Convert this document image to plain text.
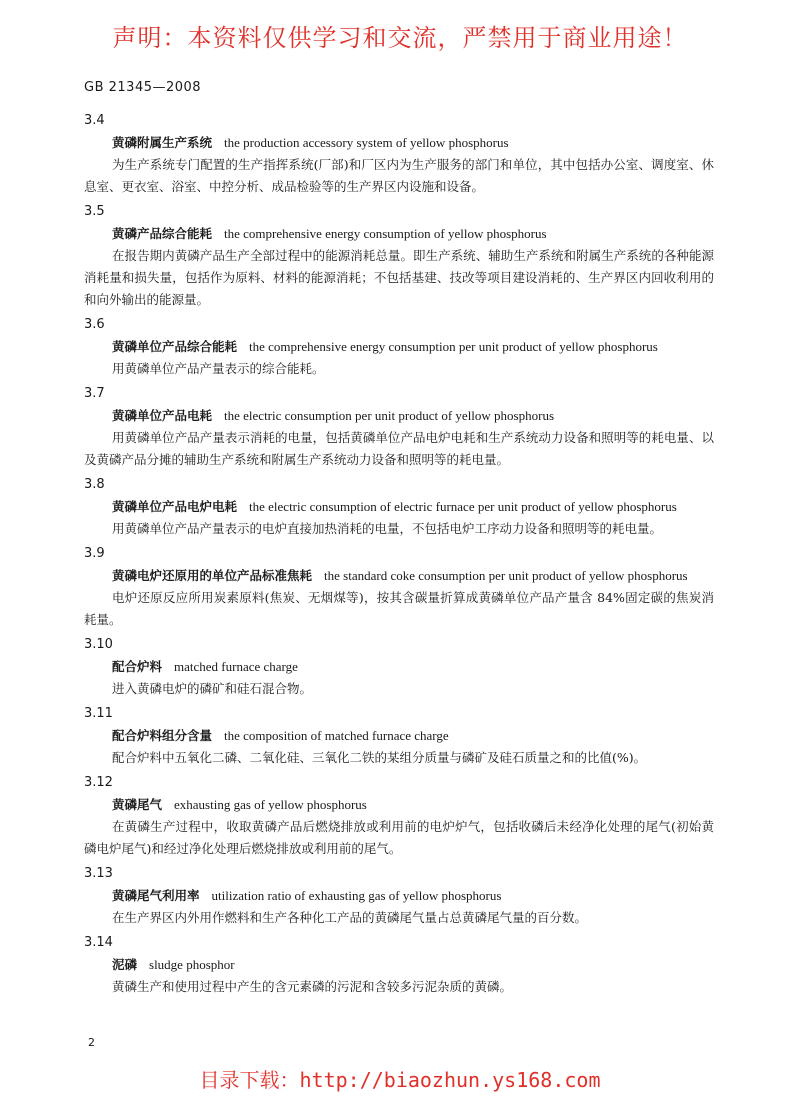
声明：本资料仅供学习和交流，严禁用于商业用途！
GB 21345—2008

3.4

黄磷附属生产系统 the production accessory system of yellow phosphorus

为生产系统专门配置的生产指挥系统(厂部)和厂区内为生产服务的部门和单位，其中包括办公室、调度室、休息室、更衣室、浴室、中控分析、成品检验等的生产界区内设施和设备。

3.5

黄磷产品综合能耗 the comprehensive energy consumption of yellow phosphorus

在报告期内黄磷产品生产全部过程中的能源消耗总量。即生产系统、辅助生产系统和附属生产系统的各种能源消耗量和损失量，包括作为原料、材料的能源消耗；不包括基建、技改等项目建设消耗的、生产界区内回收利用的和向外输出的能源量。

3.6

黄磷单位产品综合能耗 the comprehensive energy consumption per unit product of yellow phosphorus

用黄磷单位产品产量表示的综合能耗。

3.7

黄磷单位产品电耗 the electric consumption per unit product of yellow phosphorus

用黄磷单位产品产量表示消耗的电量，包括黄磷单位产品电炉电耗和生产系统动力设备和照明等的耗电量、以及黄磷产品分摊的辅助生产系统和附属生产系统动力设备和照明等的耗电量。

3.8

黄磷单位产品电炉电耗 the electric consumption of electric furnace per unit product of yellow phosphorus

用黄磷单位产品产量表示的电炉直接加热消耗的电量，不包括电炉工序动力设备和照明等的耗电量。

3.9

黄磷电炉还原用的单位产品标准焦耗 the standard coke consumption per unit product of yellow phosphorus

电炉还原反应所用炭素原料(焦炭、无烟煤等)，按其含碳量折算成黄磷单位产品产量含 84%固定碳的焦炭消耗量。

3.10

配合炉料 matched furnace charge

进入黄磷电炉的磷矿和硅石混合物。

3.11

配合炉料组分含量 the composition of matched furnace charge

配合炉料中五氧化二磷、二氧化硅、三氧化二铁的某组分质量与磷矿及硅石质量之和的比值(%)。

3.12

黄磷尾气 exhausting gas of yellow phosphorus

在黄磷生产过程中，收取黄磷产品后燃烧排放或利用前的电炉炉气，包括收磷后未经净化处理的尾气(初始黄磷电炉尾气)和经过净化处理后燃烧排放或利用前的尾气。

3.13

黄磷尾气利用率 utilization ratio of exhausting gas of yellow phosphorus

在生产界区内外用作燃料和生产各种化工产品的黄磷尾气量占总黄磷尾气量的百分数。

3.14

泥磷 sludge phosphor

黄磷生产和使用过程中产生的含元素磷的污泥和含较多污泥杂质的黄磷。

2
目录下载：http://biaozhun.ys168.com
